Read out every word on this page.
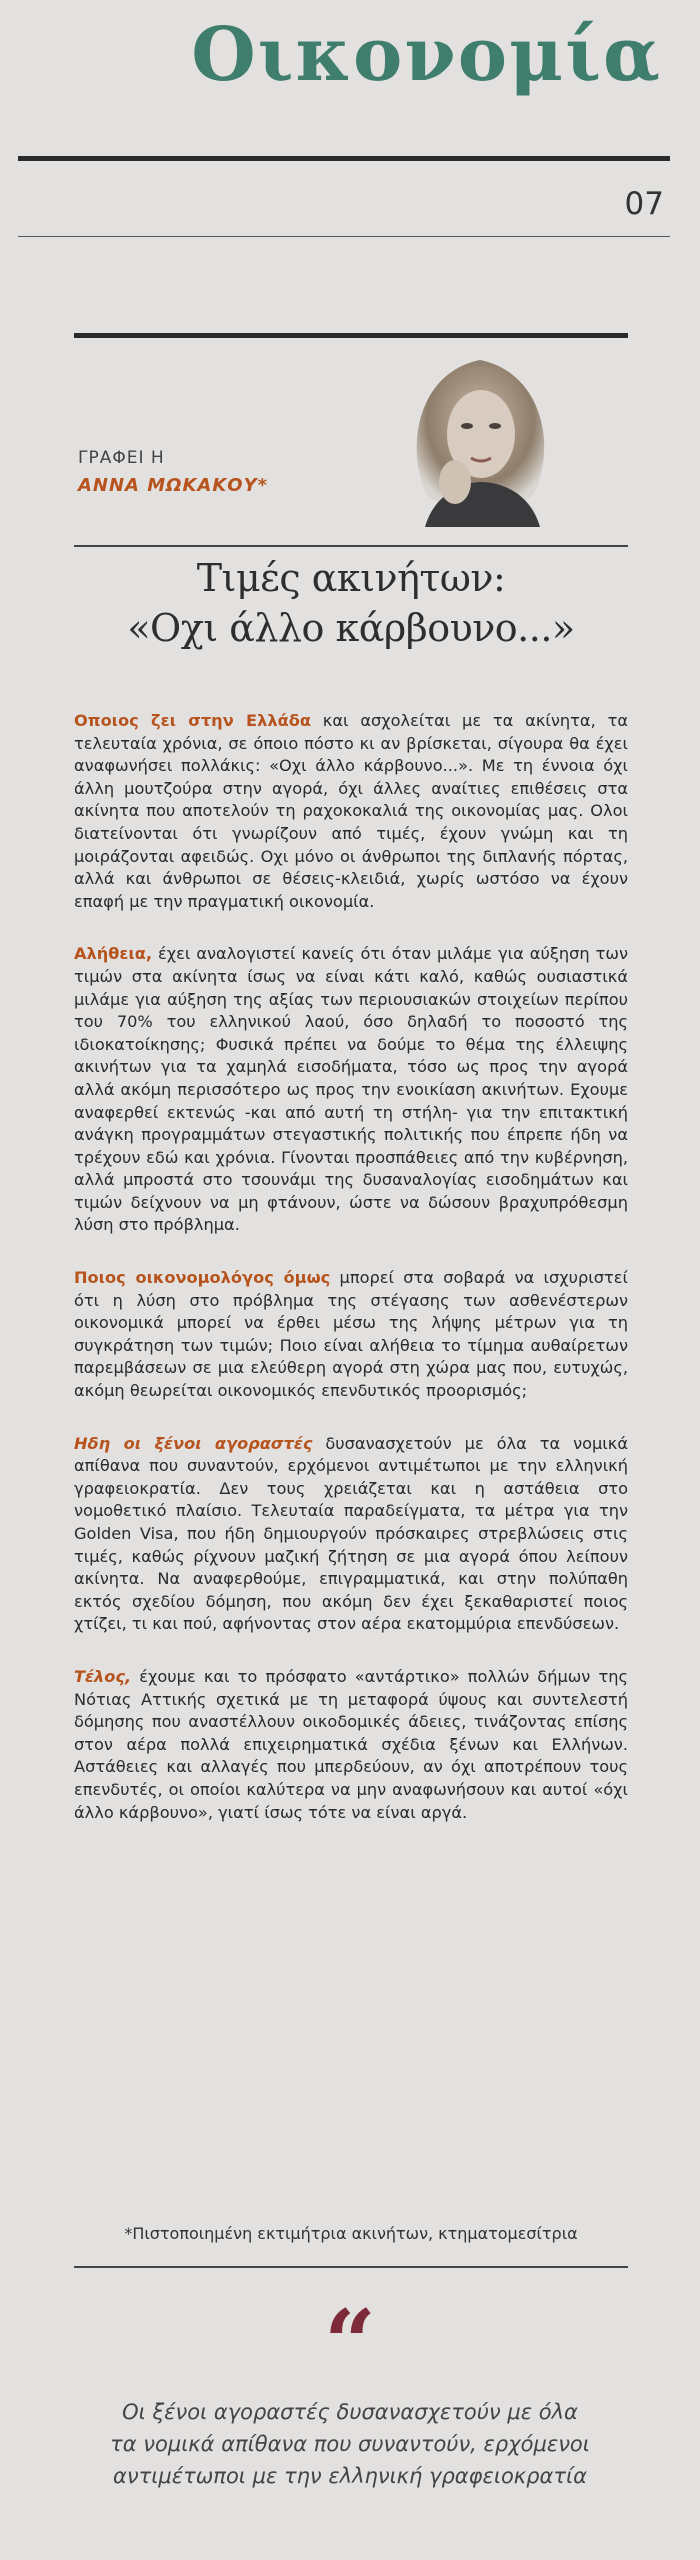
Οικονομία
07
ΓΡΑΦΕΙ Η
ΑΝΝΑ ΜΩΚΑΚΟΥ*
Τιμές ακινήτων:
«Οχι άλλο κάρβουνο...»

Οποιος ζει στην Ελλάδα και ασχολείται με τα ακίνητα, τα τελευταία χρόνια, σε όποιο πόστο κι αν βρίσκεται, σίγουρα θα έχει αναφωνήσει πολλάκις: «Οχι άλλο κάρβουνο...». Με τη έννοια όχι άλλη μουτζούρα στην αγορά, όχι άλλες αναίτιες επιθέσεις στα ακίνητα που αποτελούν τη ραχοκοκαλιά της οικονομίας μας. Ολοι διατείνονται ότι γνωρίζουν από τιμές, έχουν γνώμη και τη μοιράζονται αφειδώς. Οχι μόνο οι άνθρωποι της διπλανής πόρτας, αλλά και άνθρωποι σε θέσεις-κλειδιά, χωρίς ωστόσο να έχουν επαφή με την πραγματική οικονομία.

Αλήθεια, έχει αναλογιστεί κανείς ότι όταν μιλάμε για αύξηση των τιμών στα ακίνητα ίσως να είναι κάτι καλό, καθώς ουσιαστικά μιλάμε για αύξηση της αξίας των περιουσιακών στοιχείων περίπου του 70% του ελληνικού λαού, όσο δηλαδή το ποσοστό της ιδιοκατοίκησης; Φυσικά πρέπει να δούμε το θέμα της έλλειψης ακινήτων για τα χαμηλά εισοδήματα, τόσο ως προς την αγορά αλλά ακόμη περισσότερο ως προς την ενοικίαση ακινήτων. Εχουμε αναφερθεί εκτενώς -και από αυτή τη στήλη- για την επιτακτική ανάγκη προγραμμάτων στεγαστικής πολιτικής που έπρεπε ήδη να τρέχουν εδώ και χρόνια. Γίνονται προσπάθειες από την κυβέρνηση, αλλά μπροστά στο τσουνάμι της δυσαναλογίας εισοδημάτων και τιμών δείχνουν να μη φτάνουν, ώστε να δώσουν βραχυπρόθεσμη λύση στο πρόβλημα.

Ποιος οικονομολόγος όμως μπορεί στα σοβαρά να ισχυριστεί ότι η λύση στο πρόβλημα της στέγασης των ασθενέστερων οικονομικά μπορεί να έρθει μέσω της λήψης μέτρων για τη συγκράτηση των τιμών; Ποιο είναι αλήθεια το τίμημα αυθαίρετων παρεμβάσεων σε μια ελεύθερη αγορά στη χώρα μας που, ευτυχώς, ακόμη θεωρείται οικονομικός επενδυτικός προορισμός;

Ηδη οι ξένοι αγοραστές δυσανασχετούν με όλα τα νομικά απίθανα που συναντούν, ερχόμενοι αντιμέτωποι με την ελληνική γραφειοκρατία. Δεν τους χρειάζεται και η αστάθεια στο νομοθετικό πλαίσιο. Τελευταία παραδείγματα, τα μέτρα για την Golden Visa, που ήδη δημιουργούν πρόσκαιρες στρεβλώσεις στις τιμές, καθώς ρίχνουν μαζική ζήτηση σε μια αγορά όπου λείπουν ακίνητα. Να αναφερθούμε, επιγραμματικά, και στην πολύπαθη εκτός σχεδίου δόμηση, που ακόμη δεν έχει ξεκαθαριστεί ποιος χτίζει, τι και πού, αφήνοντας στον αέρα εκατομμύρια επενδύσεων.

Τέλος, έχουμε και το πρόσφατο «αντάρτικο» πολλών δήμων της Νότιας Αττικής σχετικά με τη μεταφορά ύψους και συντελεστή δόμησης που αναστέλλουν οικοδομικές άδειες, τινάζοντας επίσης στον αέρα πολλά επιχειρηματικά σχέδια ξένων και Ελλήνων. Αστάθειες και αλλαγές που μπερδεύουν, αν όχι αποτρέπουν τους επενδυτές, οι οποίοι καλύτερα να μην αναφωνήσουν και αυτοί «όχι άλλο κάρβουνο», γιατί ίσως τότε να είναι αργά.

*Πιστοποιημένη εκτιμήτρια ακινήτων, κτηματομεσίτρια
“
Οι ξένοι αγοραστές δυσανασχετούν με όλα τα νομικά απίθανα που συναντούν, ερχόμενοι αντιμέτωποι με την ελληνική γραφειοκρατία
